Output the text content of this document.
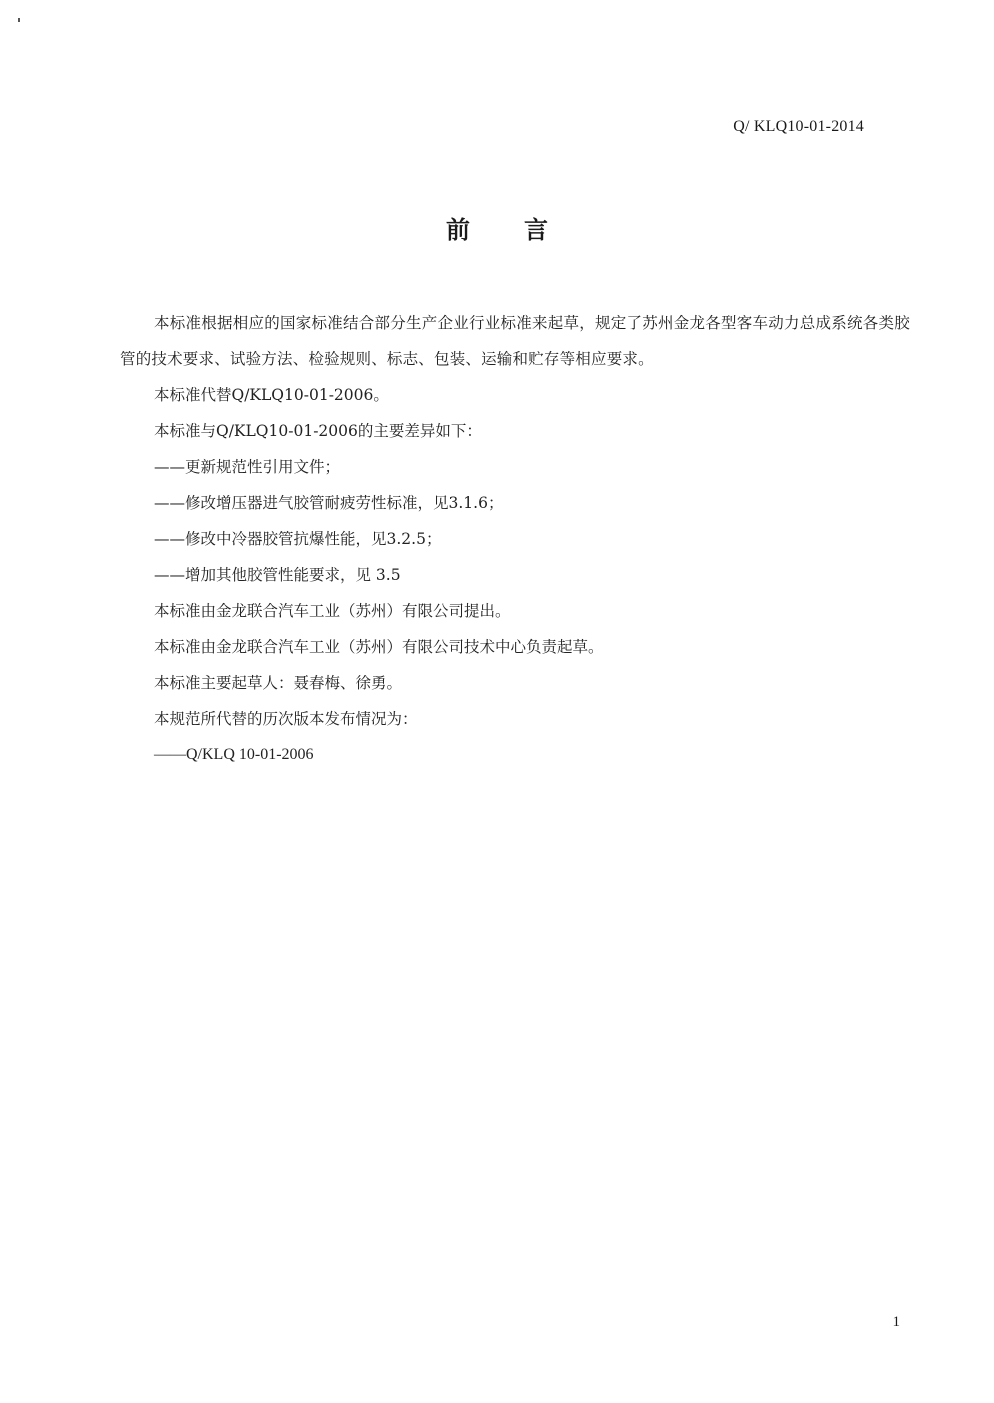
Q/ KLQ10-01-2014
前 言

本标准根据相应的国家标准结合部分生产企业行业标准来起草，规定了苏州金龙各型客车动力总成系统各类胶管的技术要求、试验方法、检验规则、标志、包装、运输和贮存等相应要求。

本标准代替Q/KLQ10-01-2006。

本标准与Q/KLQ10-01-2006的主要差异如下：

——更新规范性引用文件；

——修改增压器进气胶管耐疲劳性标准，见3.1.6；

——修改中冷器胶管抗爆性能，见3.2.5；

——增加其他胶管性能要求，见 3.5

本标准由金龙联合汽车工业（苏州）有限公司提出。

本标准由金龙联合汽车工业（苏州）有限公司技术中心负责起草。

本标准主要起草人：聂春梅、徐勇。

本规范所代替的历次版本发布情况为：

——Q/KLQ 10-01-2006

1
